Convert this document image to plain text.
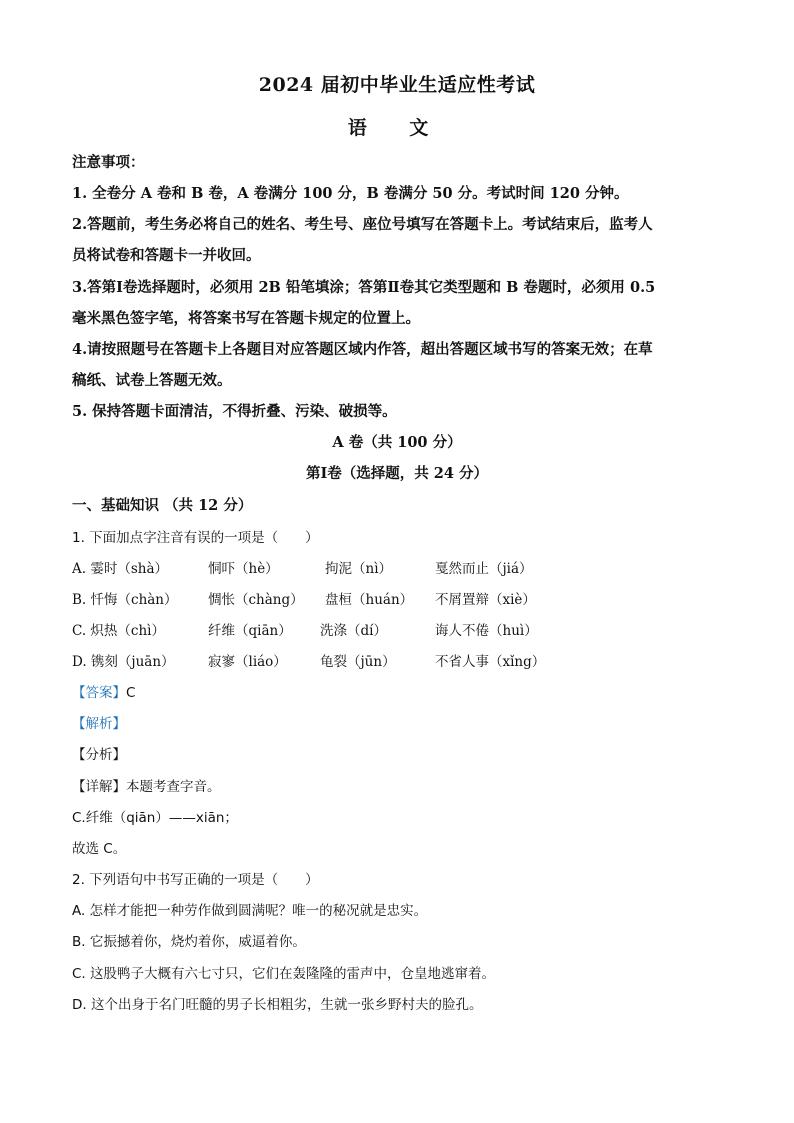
2024 届初中毕业生适应性考试
语 文
注意事项：
1. 全卷分 A 卷和 B 卷，A 卷满分 100 分，B 卷满分 50 分。考试时间 120 分钟。
2.答题前，考生务必将自己的姓名、考生号、座位号填写在答题卡上。考试结束后，监考人
员将试卷和答题卡一并收回。
3.答第Ⅰ卷选择题时，必须用 2B 铅笔填涂；答第Ⅱ卷其它类型题和 B 卷题时，必须用 0.5
毫米黑色签字笔，将答案书写在答题卡规定的位置上。
4.请按照题号在答题卡上各题目对应答题区域内作答，超出答题区域书写的答案无效；在草
稿纸、试卷上答题无效。
5. 保持答题卡面清洁，不得折叠、污染、破损等。
A 卷（共 100 分）
第Ⅰ卷（选择题，共 24 分）
一、基础知识 （共 12 分）
1. 下面加点字注音有误的一项是（　　）
A. 霎时（shà）	恫吓（hè）	拘泥（nì）	戛然而止（jiá）
B. 忏悔（chàn） 惆怅（chàng） 盘桓（huán） 不屑置辩（xiè）
C. 炽热（chì）	纤维（qiān） 洗涤（dí）	诲人不倦（huì）
D. 镌刻（juān） 寂寥（liáo） 龟裂（jūn）	不省人事（xǐng）
【答案】C
【解析】
【分析】
【详解】本题考查字音。
C.纤维（qiān）——xiān；
故选 C。
2. 下列语句中书写正确的一项是（　　）
A. 怎样才能把一种劳作做到圆满呢？唯一的秘况就是忠实。
B. 它振撼着你，烧灼着你，威逼着你。
C. 这股鸭子大概有六七寸只，它们在轰隆隆的雷声中，仓皇地逃窜着。
D. 这个出身于名门旺髓的男子长相粗劣，生就一张乡野村夫的脸孔。
